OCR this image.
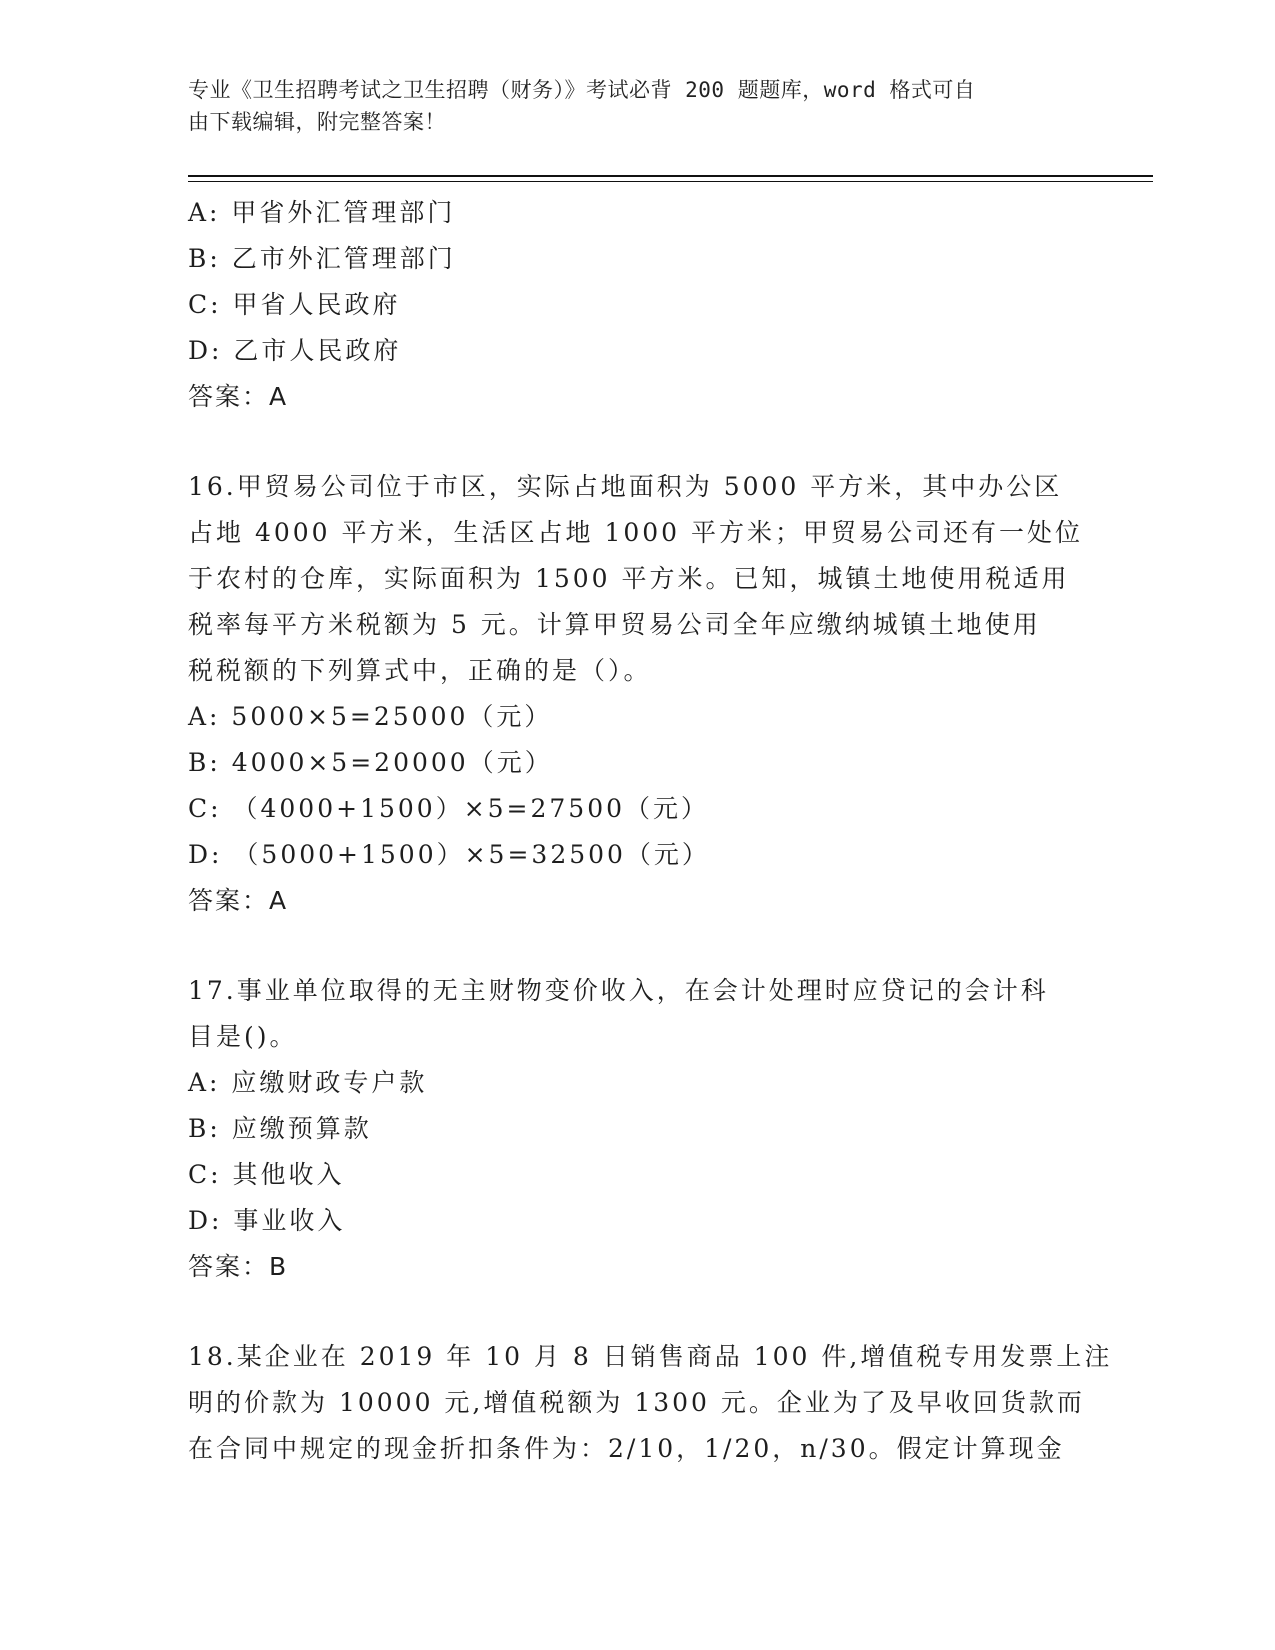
专业《卫生招聘考试之卫生招聘（财务）》考试必背 200 题题库，word 格式可自
由下载编辑，附完整答案！
A: 甲省外汇管理部门
B: 乙市外汇管理部门
C: 甲省人民政府
D: 乙市人民政府
答案：A
16.甲贸易公司位于市区，实际占地面积为 5000 平方米，其中办公区
占地 4000 平方米，生活区占地 1000 平方米；甲贸易公司还有一处位
于农村的仓库，实际面积为 1500 平方米。已知，城镇土地使用税适用
税率每平方米税额为 5 元。计算甲贸易公司全年应缴纳城镇土地使用
税税额的下列算式中，正确的是（）。
A: 5000×5=25000（元）
B: 4000×5=20000（元）
C: （4000+1500）×5=27500（元）
D: （5000+1500）×5=32500（元）
答案：A
17.事业单位取得的无主财物变价收入，在会计处理时应贷记的会计科
目是()。
A: 应缴财政专户款
B: 应缴预算款
C: 其他收入
D: 事业收入
答案：B
18.某企业在 2019 年 10 月 8 日销售商品 100 件,增值税专用发票上注
明的价款为 10000 元,增值税额为 1300 元。企业为了及早收回货款而
在合同中规定的现金折扣条件为：2/10，1/20，n/30。假定计算现金
